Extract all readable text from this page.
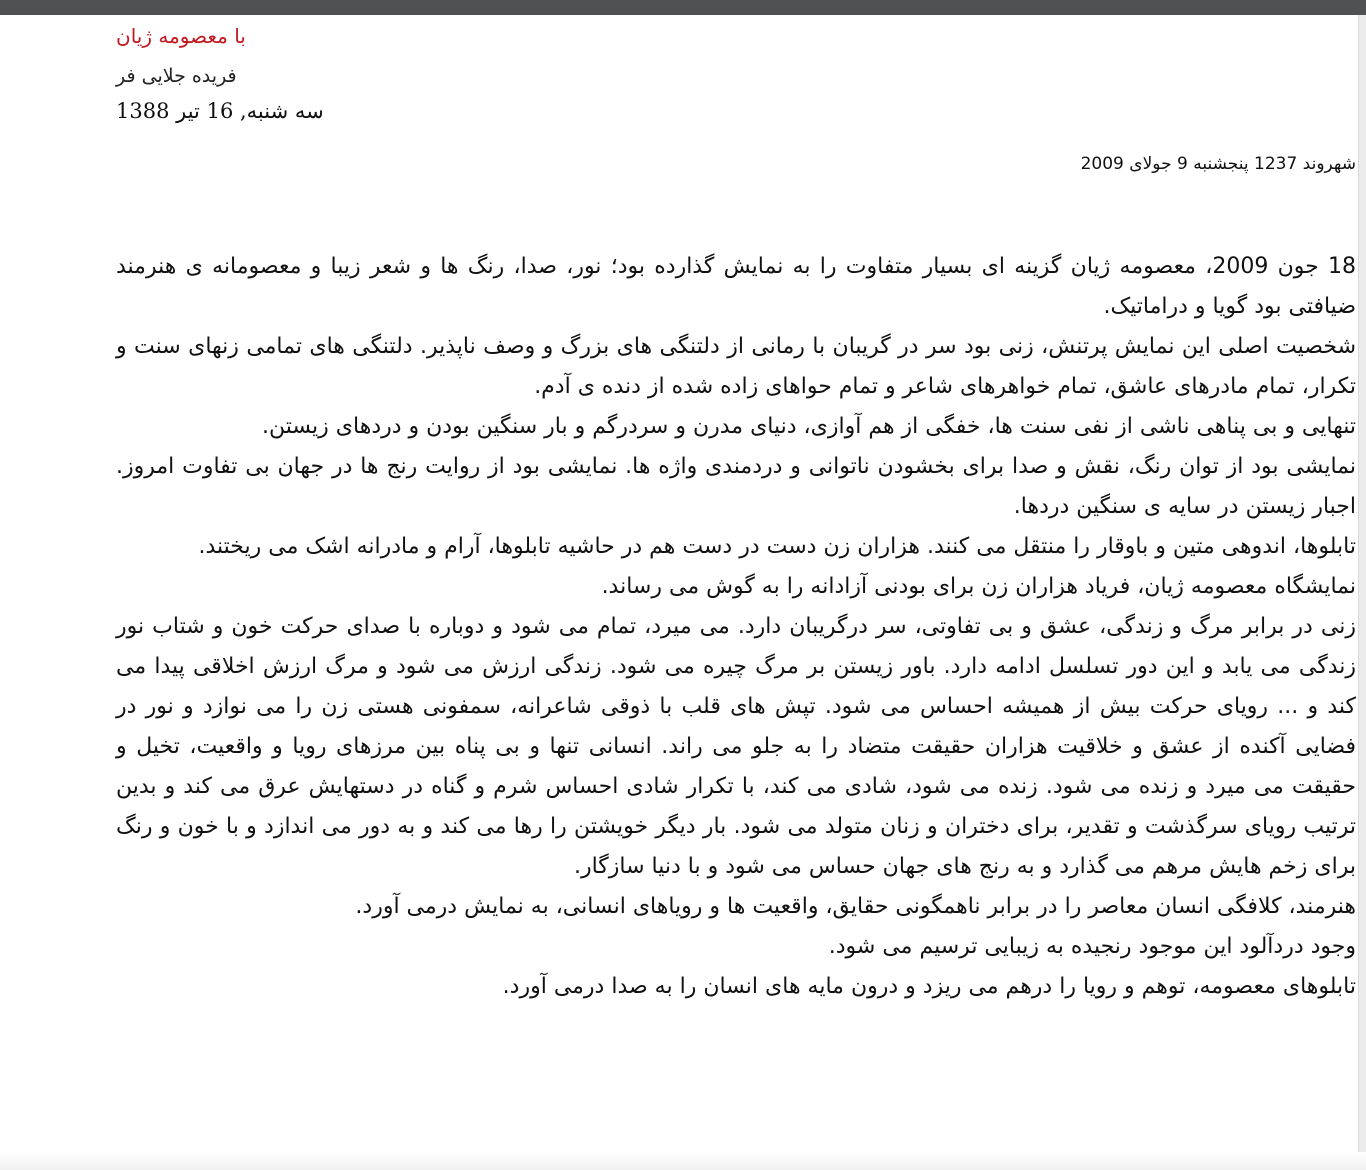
با معصومه ژیان
فریده جلایی فر
سه شنبه, 16 تیر 1388
شهروند 1237 پنجشنبه 9 جولای 2009

18 جون 2009، معصومه ژیان گزینه ای بسیار متفاوت را به نمایش گذارده بود؛ نور، صدا، رنگ ها و شعر زیبا و معصومانه ی هنرمند ضیافتی بود گویا و دراماتیک.

شخصیت اصلی این نمایش پرتنش، زنی بود سر در گریبان با رمانی از دلتنگی های بزرگ و وصف ناپذیر. دلتنگی های تمامی زنهای سنت و تکرار، تمام مادرهای عاشق، تمام خواهرهای شاعر و تمام حواهای زاده شده از دنده ی آدم.

تنهایی و بی پناهی ناشی از نفی سنت ها، خفگی از هم آوازی، دنیای مدرن و سردرگم و بار سنگین بودن و دردهای زیستن.

نمایشی بود از توان رنگ، نقش و صدا برای بخشودن ناتوانی و دردمندی واژه ها. نمایشی بود از روایت رنج ها در جهان بی تفاوت امروز. اجبار زیستن در سایه ی سنگین دردها.

تابلوها، اندوهی متین و باوقار را منتقل می کنند. هزاران زن دست در دست هم در حاشیه تابلوها، آرام و مادرانه اشک می ریختند.

نمایشگاه معصومه ژیان، فریاد هزاران زن برای بودنی آزادانه را به گوش می رساند.

زنی در برابر مرگ و زندگی، عشق و بی تفاوتی، سر درگریبان دارد. می میرد، تمام می شود و دوباره با صدای حرکت خون و شتاب نور زندگی می یابد و این دور تسلسل ادامه دارد. باور زیستن بر مرگ چیره می شود. زندگی ارزش می شود و مرگ ارزش اخلاقی پیدا می کند و ... رویای حرکت بیش از همیشه احساس می شود. تپش های قلب با ذوقی شاعرانه، سمفونی هستی زن را می نوازد و نور در فضایی آکنده از عشق و خلاقیت هزاران حقیقت متضاد را به جلو می راند. انسانی تنها و بی پناه بین مرزهای رویا و واقعیت، تخیل و حقیقت می میرد و زنده می شود. زنده می شود، شادی می کند، با تکرار شادی احساس شرم و گناه در دستهایش عرق می کند و بدین ترتیب رویای سرگذشت و تقدیر، برای دختران و زنان متولد می شود. بار دیگر خویشتن را رها می کند و به دور می اندازد و با خون و رنگ برای زخم هایش مرهم می گذارد و به رنج های جهان حساس می شود و با دنیا سازگار.

هنرمند، کلافگی انسان معاصر را در برابر ناهمگونی حقایق، واقعیت ها و رویاهای انسانی، به نمایش درمی آورد.

وجود دردآلود این موجود رنجیده به زیبایی ترسیم می شود.

تابلوهای معصومه، توهم و رویا را درهم می ریزد و درون مایه های انسان را به صدا درمی آورد.
